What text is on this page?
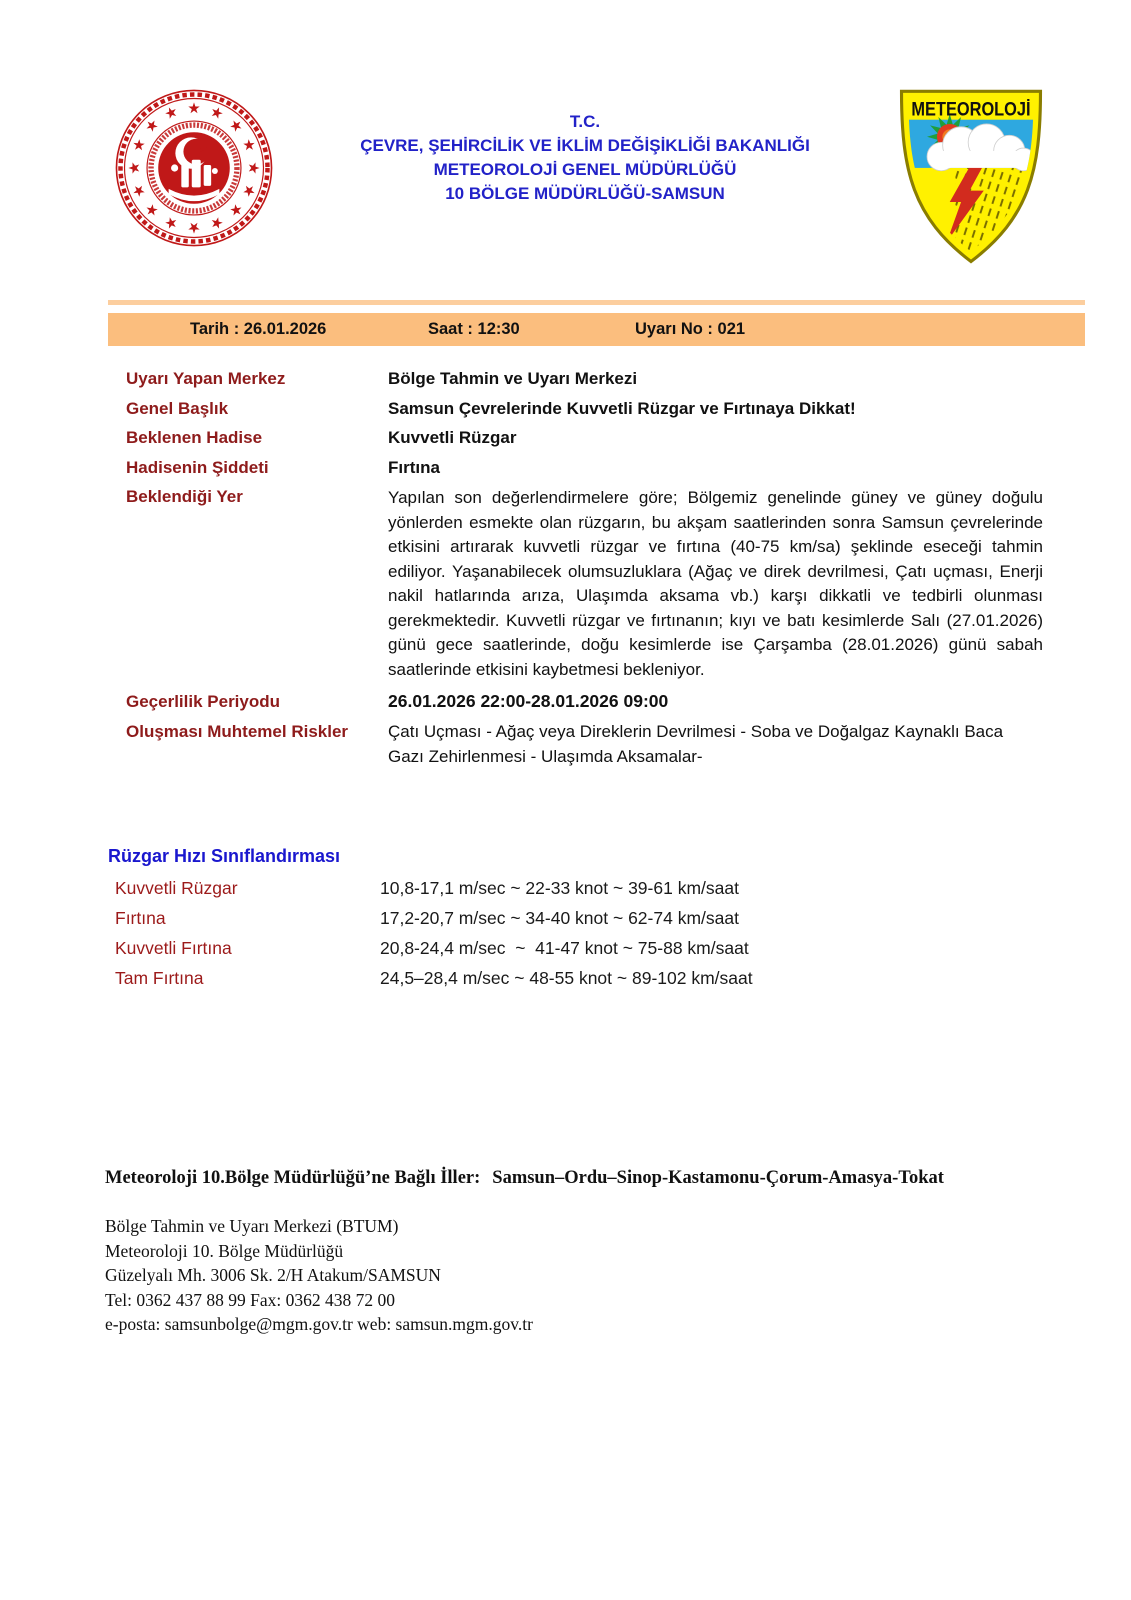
T.C.
ÇEVRE, ŞEHİRCİLİK VE İKLİM DEĞİŞİKLİĞİ BAKANLIĞI
METEOROLOJİ GENEL MÜDÜRLÜĞÜ
10 BÖLGE MÜDÜRLÜĞÜ-SAMSUN
METEOROLOJİ
Tarih : 26.01.2026	Saat : 12:30	Uyarı No : 021
Uyarı Yapan Merkez	Bölge Tahmin ve Uyarı Merkezi
Genel Başlık	Samsun Çevrelerinde Kuvvetli Rüzgar ve Fırtınaya Dikkat!
Beklenen Hadise	Kuvvetli Rüzgar
Hadisenin Şiddeti	Fırtına
Beklendiği Yer	Yapılan son değerlendirmelere göre; Bölgemiz genelinde güney ve güney doğulu yönlerden esmekte olan rüzgarın, bu akşam saatlerinden sonra Samsun çevrelerinde etkisini artırarak kuvvetli rüzgar ve fırtına (40-75 km/sa) şeklinde eseceği tahmin ediliyor. Yaşanabilecek olumsuzluklara (Ağaç ve direk devrilmesi, Çatı uçması, Enerji nakil hatlarında arıza, Ulaşımda aksama vb.) karşı dikkatli ve tedbirli olunması gerekmektedir. Kuvvetli rüzgar ve fırtınanın; kıyı ve batı kesimlerde Salı (27.01.2026) günü gece saatlerinde, doğu kesimlerde ise Çarşamba (28.01.2026) günü sabah saatlerinde etkisini kaybetmesi bekleniyor.
Geçerlilik Periyodu	26.01.2026 22:00-28.01.2026 09:00
Oluşması Muhtemel Riskler	Çatı Uçması - Ağaç veya Direklerin Devrilmesi - Soba ve Doğalgaz Kaynaklı Baca Gazı Zehirlenmesi - Ulaşımda Aksamalar-
Rüzgar Hızı Sınıflandırması
Kuvvetli Rüzgar	10,8-17,1 m/sec ~ 22-33 knot ~ 39-61 km/saat
Fırtına	17,2-20,7 m/sec ~ 34-40 knot ~ 62-74 km/saat
Kuvvetli Fırtına	20,8-24,4 m/sec  ~  41-47 knot ~ 75-88 km/saat
Tam Fırtına	24,5–28,4 m/sec ~ 48-55 knot ~ 89-102 km/saat
Meteoroloji 10.Bölge Müdürlüğü’ne Bağlı İller: Samsun–Ordu–Sinop-Kastamonu-Çorum-Amasya-Tokat
Bölge Tahmin ve Uyarı Merkezi (BTUM)
Meteoroloji 10. Bölge Müdürlüğü
Güzelyalı Mh. 3006 Sk. 2/H Atakum/SAMSUN
Tel: 0362 437 88 99 Fax: 0362 438 72 00
e-posta: samsunbolge@mgm.gov.tr web: samsun.mgm.gov.tr
